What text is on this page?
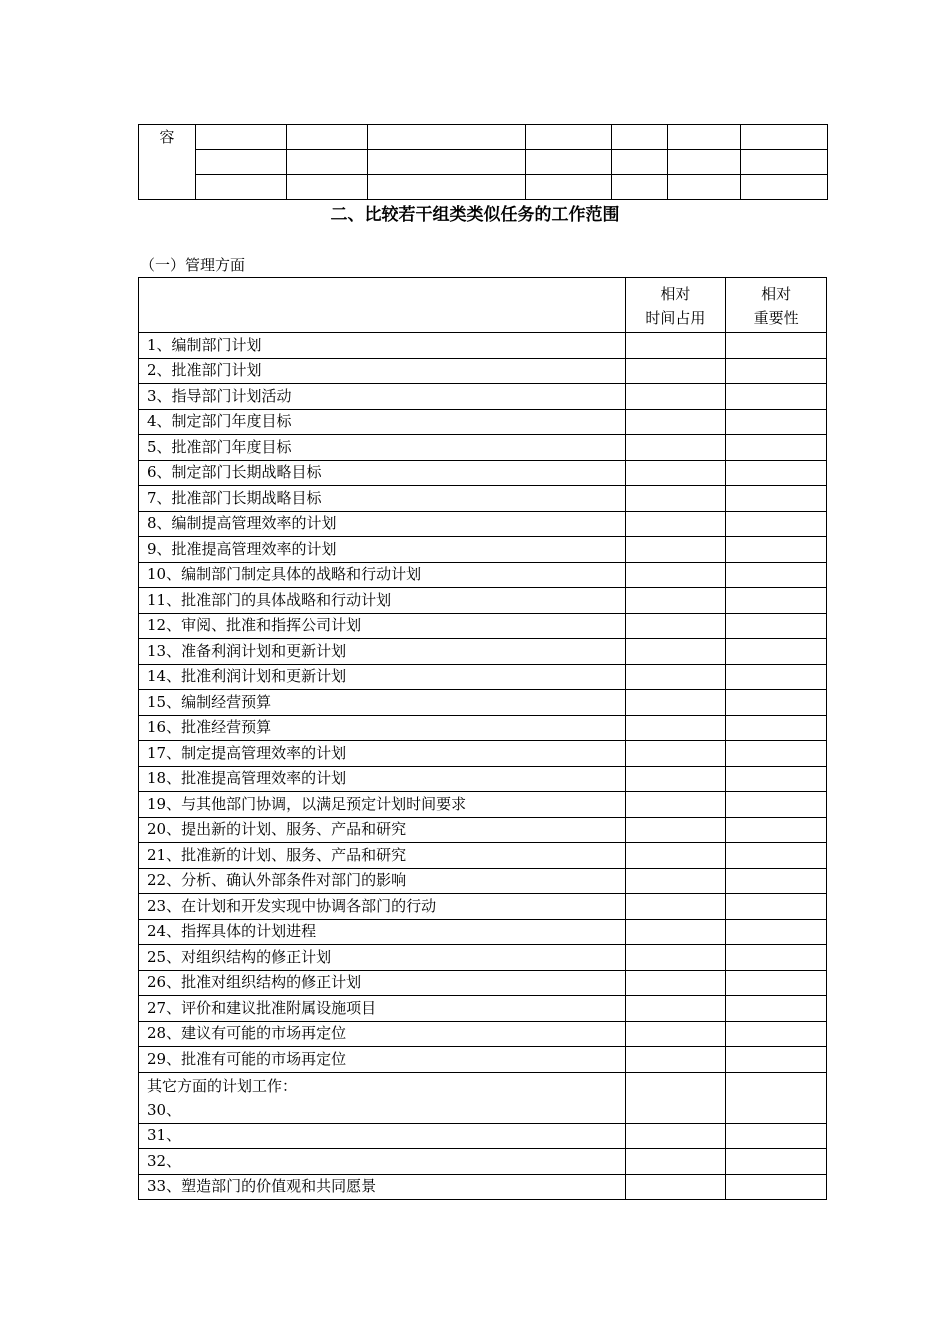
容							

二、比较若干组类类似任务的工作范围
（一）管理方面

	相对
时间占用	相对
重要性

1、编制部门计划		
2、批准部门计划		
3、指导部门计划活动		
4、制定部门年度目标		
5、批准部门年度目标		
6、制定部门长期战略目标		
7、批准部门长期战略目标		
8、编制提高管理效率的计划		
9、批准提高管理效率的计划		
10、编制部门制定具体的战略和行动计划		
11、批准部门的具体战略和行动计划		
12、审阅、批准和指挥公司计划		
13、准备利润计划和更新计划		
14、批准利润计划和更新计划		
15、编制经营预算		
16、批准经营预算		
17、制定提高管理效率的计划		
18、批准提高管理效率的计划		
19、与其他部门协调，以满足预定计划时间要求		
20、提出新的计划、服务、产品和研究		
21、批准新的计划、服务、产品和研究		
22、分析、确认外部条件对部门的影响		
23、在计划和开发实现中协调各部门的行动		
24、指挥具体的计划进程		
25、对组织结构的修正计划		
26、批准对组织结构的修正计划		
27、评价和建议批准附属设施项目		
28、建议有可能的市场再定位		
29、批准有可能的市场再定位		

其它方面的计划工作：
30、		

31、		
32、		
33、塑造部门的价值观和共同愿景		
